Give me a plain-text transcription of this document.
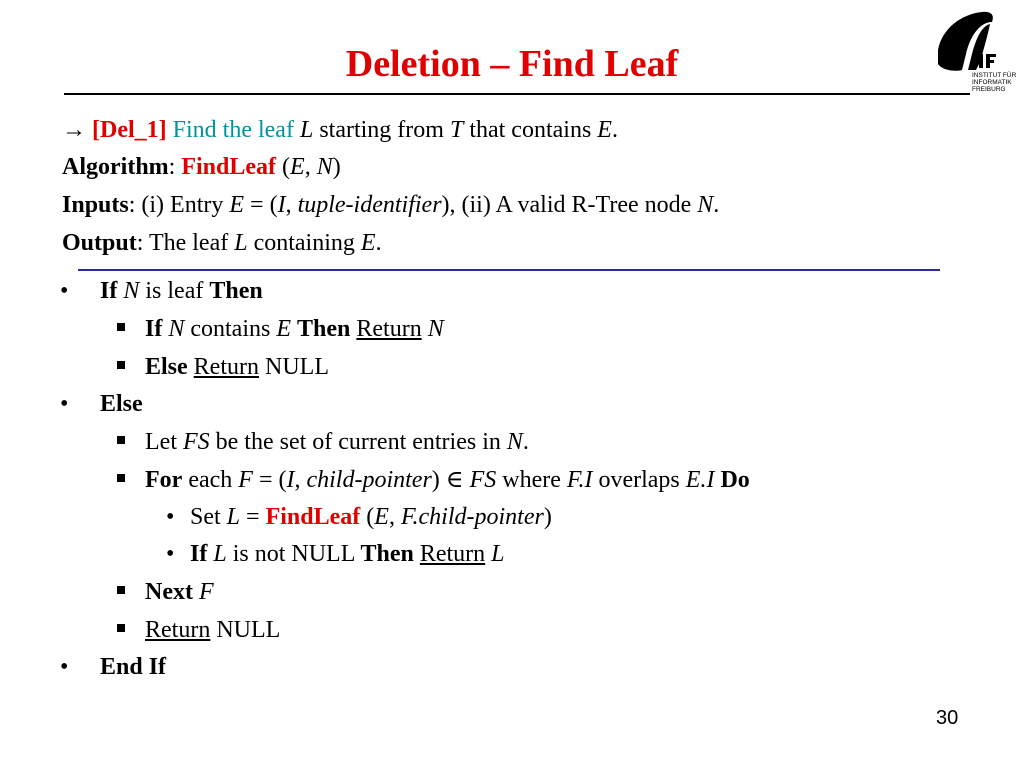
Deletion – Find Leaf	INSTITUT FÜR
INFORMATIK
FREIBURG
→ [Del_1] Find the leaf L starting from T that contains E.
Algorithm: FindLeaf (E, N)
Inputs: (i) Entry E = (I, tuple-identifier), (ii) A valid R-Tree node N.
Output: The leaf L containing E.
• If N is leaf Then
If N contains E Then Return N
Else Return NULL
• Else
Let FS be the set of current entries in N.
For each F = (I, child-pointer) ∈ FS where F.I overlaps E.I Do
• Set L = FindLeaf (E, F.child-pointer)
• If L is not NULL Then Return L
Next F
Return NULL
• End If
30
